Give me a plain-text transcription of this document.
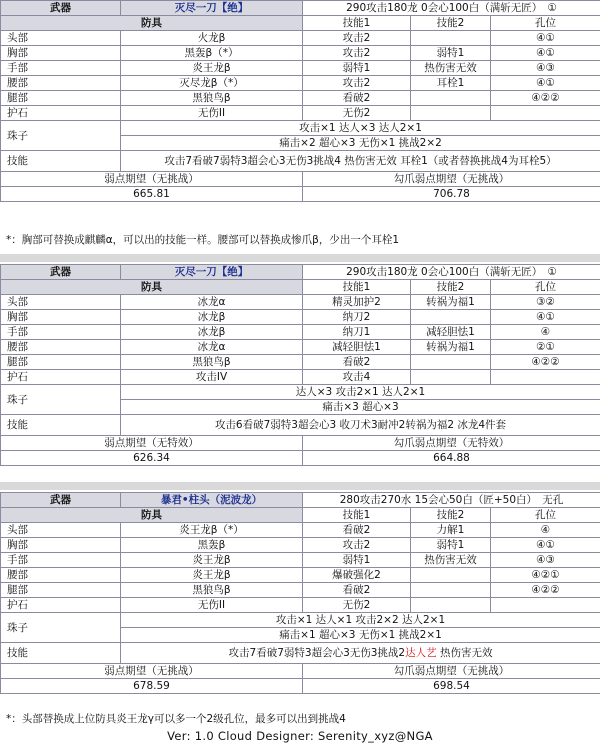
武器	灭尽一刀【绝】	290攻击180龙 0会心100白（满斩无匠）　①		
防具		技能1	技能2	孔位
头部	火龙β	攻击2		④①
胸部	黑轰β（*）	攻击2	弱特1	④①
手部	炎王龙β	弱特1	热伤害无效	④③
腰部	灭尽龙β（*）	攻击2	耳栓1	④①
腿部	黑狼鸟β	看破2		④②②
护石	无伤II	无伤2		
珠子	攻击×1 达人×3 达人2×1			
	痛击×2 超心×3 无伤×1 挑战2×2			
技能	攻击7看破7弱特3超会心3无伤3挑战4 热伤害无效 耳栓1（或者替换挑战4为耳栓5）			
弱点期望（无挑战）		勾爪弱点期望（无挑战）		
665.81		706.78		
*：胸部可替换成麒麟α，可以出的技能一样。腰部可以替换成惨爪β，少出一个耳栓1
武器	灭尽一刀【绝】	290攻击180龙 0会心100白（满斩无匠）　①		
防具		技能1	技能2	孔位
头部	冰龙α	精灵加护2	转祸为福1	③②
胸部	冰龙β	纳刀2		④①
手部	冰龙β	纳刀1	减轻胆怯1	④
腰部	冰龙α	减轻胆怯1	转祸为福1	②①
腿部	黑狼鸟β	看破2		④②②
护石	攻击IV	攻击4		
珠子	达人×3 攻击2×1 达人2×1			
	痛击×3 超心×3			
技能	攻击6看破7弱特3超会心3 收刀术3耐冲2转祸为福2 冰龙4件套			
弱点期望（无特效）		勾爪弱点期望（无特效）		
626.34		664.88		
武器	暴君•柱头（泥波龙）	280攻击270水 15会心50白（匠+50白）　无孔		
防具		技能1	技能2	孔位
头部	炎王龙β（*）	看破2	力解1	④
胸部	黑轰β	攻击2	弱特1	④①
手部	炎王龙β	弱特1	热伤害无效	④③
腰部	炎王龙β	爆破强化2		④②①
腿部	黑狼鸟β	看破2		④②②
护石	无伤II	无伤2		
珠子	攻击×1 达人×1 攻击2×2 达人2×1			
	痛击×1 超心×3 无伤×1 挑战2×1			
技能	攻击7看破7弱特3超会心3无伤3挑战2达人艺 热伤害无效			
弱点期望（无挑战）		勾爪弱点期望（无挑战）		
678.59		698.54		
*：头部替换成上位防具炎王龙γ可以多一个2级孔位，最多可以出到挑战4
Ver: 1.0 Cloud Designer: Serenity_xyz@NGA
